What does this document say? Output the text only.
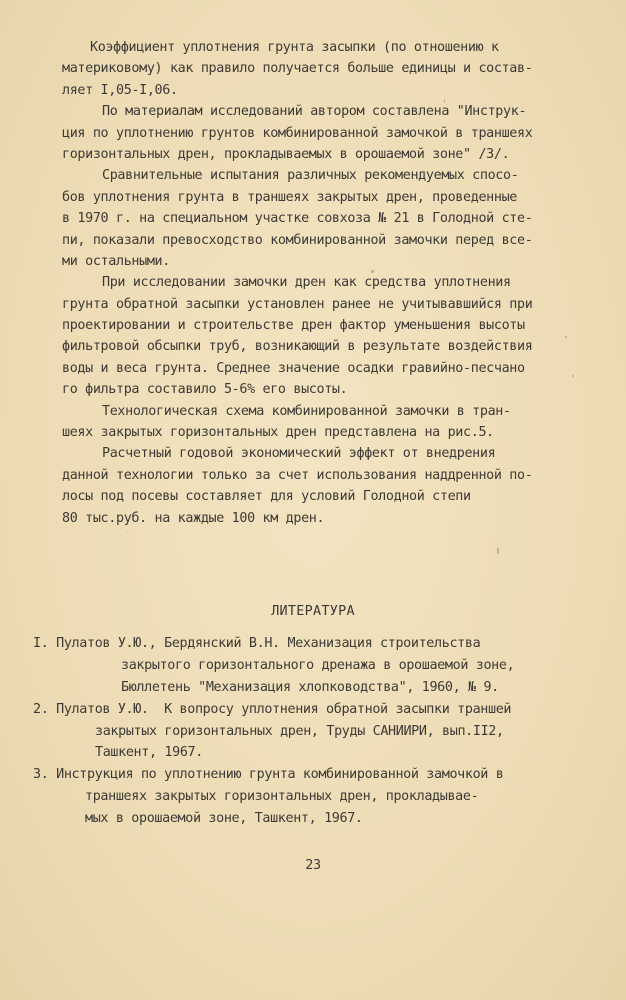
Коэффициент уплотнения грунта засыпки (по отношению к
материковому) как правило получается больше единицы и состав-
ляет I,05-I,06.
По материалам исследований автором составлена "Инструк-
ция по уплотнению грунтов комбинированной замочкой в траншеях
горизонтальных дрен, прокладываемых в орошаемой зоне" /3/.
Сравнительные испытания различных рекомендуемых спосо-
бов уплотнения грунта в траншеях закрытых дрен, проведенные
в 1970 г. на специальном участке совхоза № 21 в Голодной сте-
пи, показали превосходство комбинированной замочки перед все-
ми остальными.
При исследовании замочки дрен как средства уплотнения
грунта обратной засыпки установлен ранее не учитывавшийся при
проектировании и строительстве дрен фактор уменьшения высоты
фильтровой обсыпки труб, возникающий в результате воздействия
воды и веса грунта. Среднее значение осадки гравийно-песчано
го фильтра составило 5-6% его высоты.
Технологическая схема комбинированной замочки в тран-
шеях закрытых горизонтальных дрен представлена на рис.5.
Расчетный годовой экономический эффект от внедрения
данной технологии только за счет использования наддренной по-
лосы под посевы составляет для условий Голодной степи
80 тыс.руб. на каждые 100 км дрен.
ЛИТЕРАТУРА
I. Пулатов У.Ю., Бердянский В.Н. Механизация строительства
закрытого горизонтального дренажа в орошаемой зоне,
Бюллетень "Механизация хлопководства", 1960, № 9.
2. Пулатов У.Ю.  К вопросу уплотнения обратной засыпки траншей
закрытых горизонтальных дрен, Труды САНИИРИ, вып.II2,
Ташкент, 1967.
3. Инструкция по уплотнению грунта комбинированной замочкой в
траншеях закрытых горизонтальных дрен, прокладывае-
мых в орошаемой зоне, Ташкент, 1967.
23
